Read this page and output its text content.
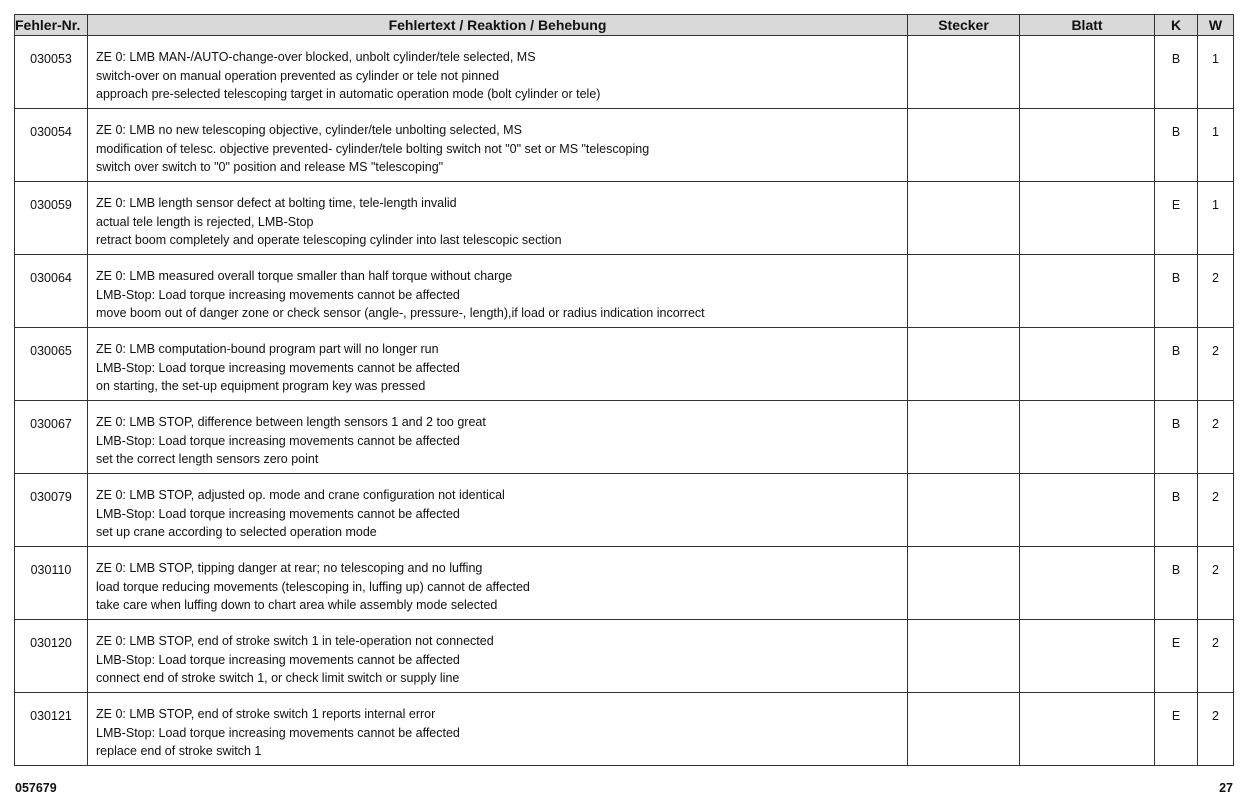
Fehler-Nr.	Fehlertext / Reaktion / Behebung	Stecker	Blatt	K	W
030053	ZE 0: LMB MAN-/AUTO-change-over blocked, unbolt cylinder/tele selected, MS
switch-over on manual operation prevented as cylinder or tele not pinned
approach pre-selected telescoping target in automatic operation mode (bolt cylinder or tele)			B	1
030054	ZE 0: LMB no new telescoping objective, cylinder/tele unbolting selected, MS
modification of telesc. objective prevented- cylinder/tele bolting switch not "0" set or MS "telescoping
switch over switch to "0" position and release MS "telescoping"			B	1
030059	ZE 0: LMB length sensor defect at bolting time, tele-length invalid
actual tele length is rejected, LMB-Stop
retract boom completely and operate telescoping cylinder into last telescopic section			E	1
030064	ZE 0: LMB measured overall torque smaller than half torque without charge
LMB-Stop: Load torque increasing movements cannot be affected
move boom out of danger zone or check sensor (angle-, pressure-, length),if load or radius indication incorrect			B	2
030065	ZE 0: LMB computation-bound program part will no longer run
LMB-Stop: Load torque increasing movements cannot be affected
on starting, the set-up equipment program key was pressed			B	2
030067	ZE 0: LMB STOP, difference between length sensors 1 and 2 too great
LMB-Stop: Load torque increasing movements cannot be affected
set the correct length sensors zero point			B	2
030079	ZE 0: LMB STOP, adjusted op. mode and crane configuration not identical
LMB-Stop: Load torque increasing movements cannot be affected
set up crane according to selected operation mode			B	2
030110	ZE 0: LMB STOP, tipping danger at rear; no telescoping and no luffing
load torque reducing movements (telescoping in, luffing up) cannot de affected
take care when luffing down to chart area while assembly mode selected			B	2
030120	ZE 0: LMB STOP, end of stroke switch 1 in tele-operation not connected
LMB-Stop: Load torque increasing movements cannot be affected
connect end of stroke switch 1, or check limit switch or supply line			E	2
030121	ZE 0: LMB STOP, end of stroke switch 1 reports internal error
LMB-Stop: Load torque increasing movements cannot be affected
replace end of stroke switch 1			E	2
057679	27
